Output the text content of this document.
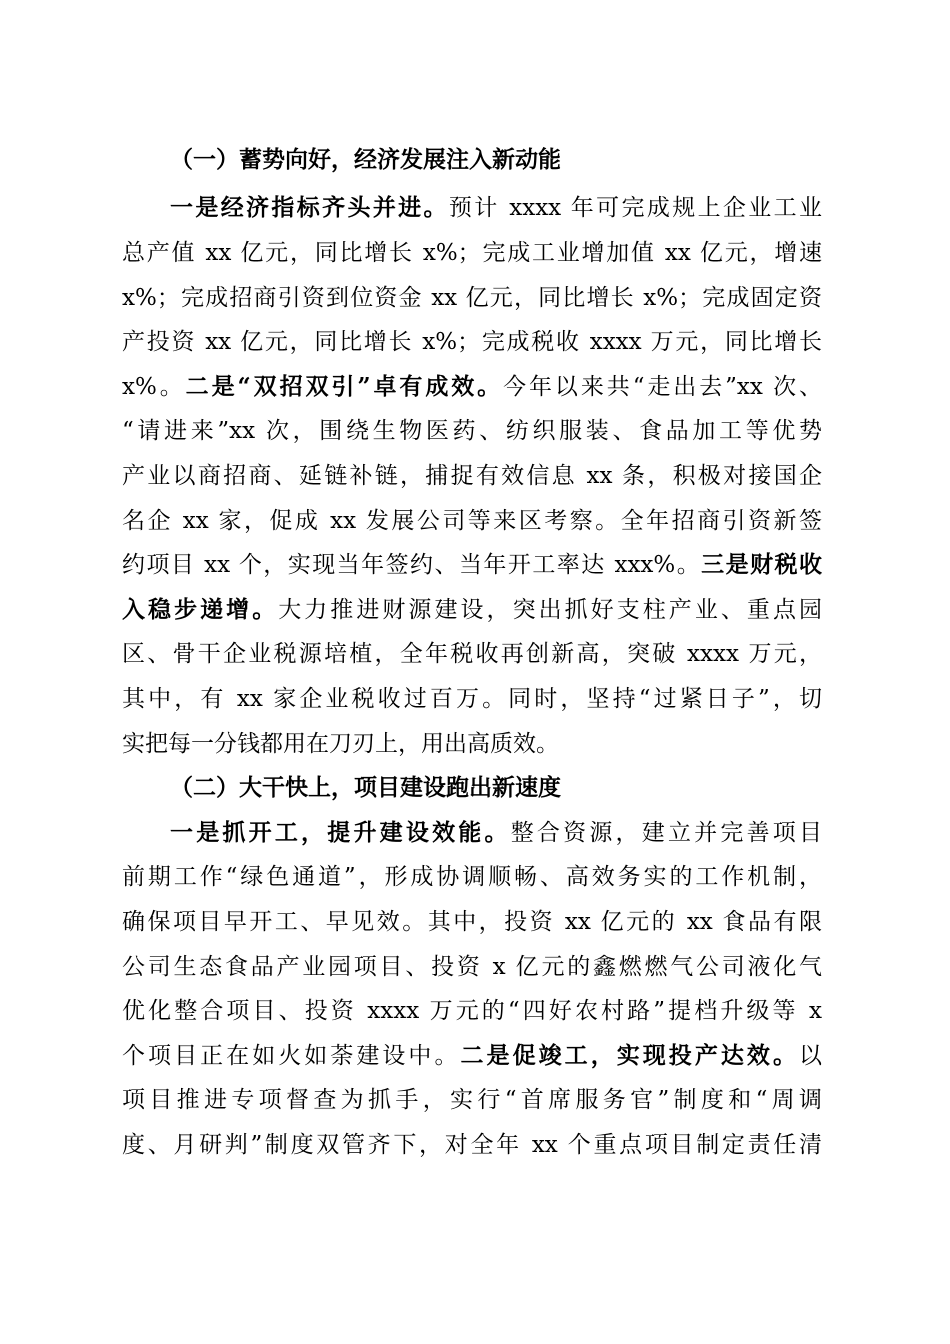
（一）蓄势向好，经济发展注入新动能
一是经济指标齐头并进。预计 xxxx 年可完成规上企业工业
总产值 xx 亿元，同比增长 x%；完成工业增加值 xx 亿元，增速
x%；完成招商引资到位资金 xx 亿元，同比增长 x%；完成固定资
产投资 xx 亿元，同比增长 x%；完成税收 xxxx 万元，同比增长
x%。二是“双招双引”卓有成效。今年以来共“走出去”xx 次、
“请进来”xx 次，围绕生物医药、纺织服装、食品加工等优势
产业以商招商、延链补链，捕捉有效信息 xx 条，积极对接国企
名企 xx 家，促成 xx 发展公司等来区考察。全年招商引资新签
约项目 xx 个，实现当年签约、当年开工率达 xxx%。三是财税收
入稳步递增。大力推进财源建设，突出抓好支柱产业、重点园
区、骨干企业税源培植，全年税收再创新高，突破 xxxx 万元，
其中，有 xx 家企业税收过百万。同时，坚持“过紧日子”，切
实把每一分钱都用在刀刃上，用出高质效。
（二）大干快上，项目建设跑出新速度
一是抓开工，提升建设效能。整合资源，建立并完善项目
前期工作“绿色通道”，形成协调顺畅、高效务实的工作机制，
确保项目早开工、早见效。其中，投资 xx 亿元的 xx 食品有限
公司生态食品产业园项目、投资 x 亿元的鑫燃燃气公司液化气
优化整合项目、投资 xxxx 万元的“四好农村路”提档升级等 x
个项目正在如火如荼建设中。二是促竣工，实现投产达效。以
项目推进专项督查为抓手，实行“首席服务官”制度和“周调
度、月研判”制度双管齐下，对全年 xx 个重点项目制定责任清
